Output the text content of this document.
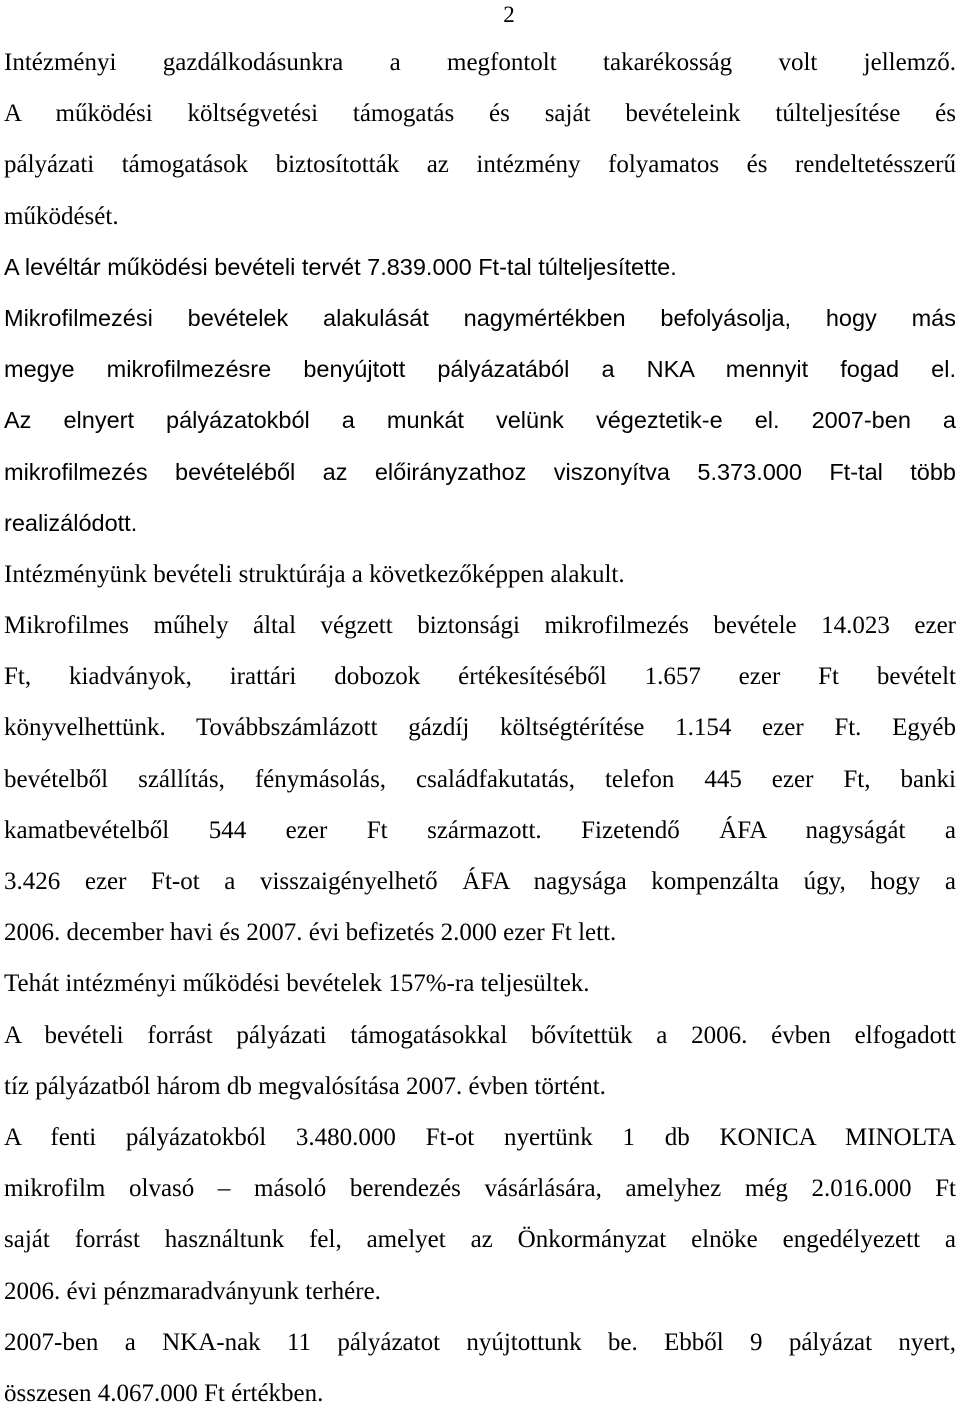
2
Intézményi gazdálkodásunkra a megfontolt takarékosság volt jellemző.
A működési költségvetési támogatás és saját bevételeink túlteljesítése és
pályázati támogatások biztosították az intézmény folyamatos és rendeltetésszerű
működését.
A levéltár működési bevételi tervét 7.839.000 Ft-tal túlteljesítette.
Mikrofilmezési bevételek alakulását nagymértékben befolyásolja, hogy más
megye mikrofilmezésre benyújtott pályázatából a NKA mennyit fogad el.
Az elnyert pályázatokból a munkát velünk végeztetik-e el. 2007-ben a
mikrofilmezés bevételéből az előirányzathoz viszonyítva 5.373.000 Ft-tal több
realizálódott.
Intézményünk bevételi struktúrája a következőképpen alakult.
Mikrofilmes műhely által végzett biztonsági mikrofilmezés bevétele 14.023 ezer
Ft, kiadványok, irattári dobozok értékesítéséből 1.657 ezer Ft bevételt
könyvelhettünk. Továbbszámlázott gázdíj költségtérítése 1.154 ezer Ft. Egyéb
bevételből szállítás, fénymásolás, családfakutatás, telefon 445 ezer Ft, banki
kamatbevételből 544 ezer Ft származott. Fizetendő ÁFA nagyságát a
3.426 ezer Ft-ot a visszaigényelhető ÁFA nagysága kompenzálta úgy, hogy a
2006. december havi és 2007. évi befizetés 2.000 ezer Ft lett.
Tehát intézményi működési bevételek 157%-ra teljesültek.
A bevételi forrást pályázati támogatásokkal bővítettük a 2006. évben elfogadott
tíz pályázatból három db megvalósítása 2007. évben történt.
A fenti pályázatokból 3.480.000 Ft-ot nyertünk 1 db KONICA MINOLTA
mikrofilm olvasó – másoló berendezés vásárlására, amelyhez még 2.016.000 Ft
saját forrást használtunk fel, amelyet az Önkormányzat elnöke engedélyezett a
2006. évi pénzmaradványunk terhére.
2007-ben a NKA-nak 11 pályázatot nyújtottunk be. Ebből 9 pályázat nyert,
összesen 4.067.000 Ft értékben.
